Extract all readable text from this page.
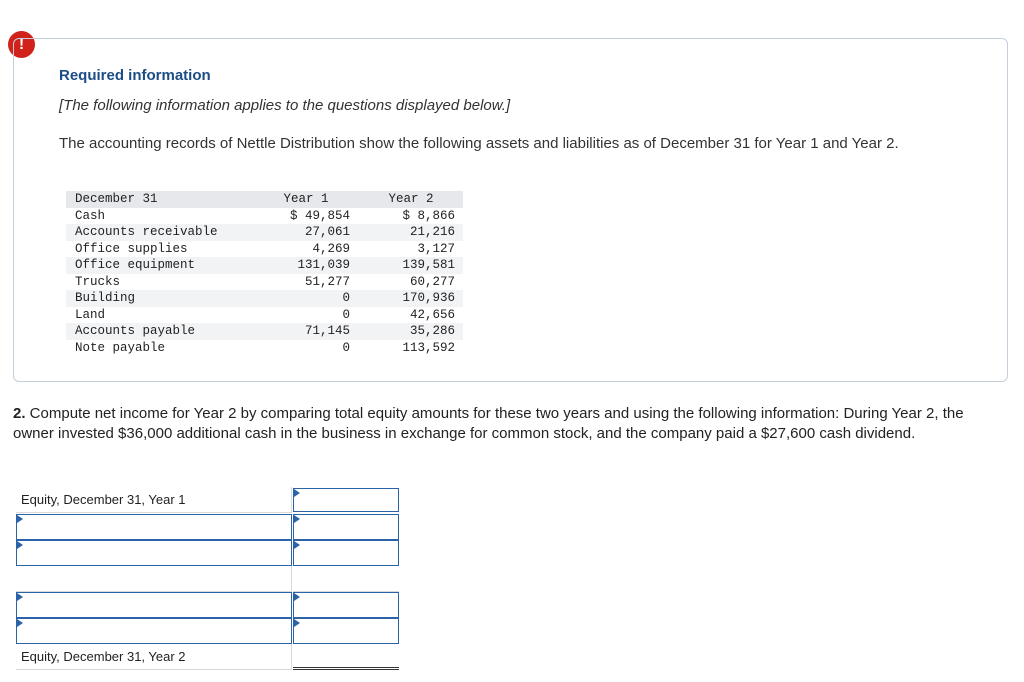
!
Required information
[The following information applies to the questions displayed below.]
The accounting records of Nettle Distribution show the following assets and liabilities as of December 31 for Year 1 and Year 2.
December 31	Year 1	Year 2
Cash	$ 49,854	$ 8,866
Accounts receivable	27,061	21,216
Office supplies	4,269	3,127
Office equipment	131,039	139,581
Trucks	51,277	60,277
Building	0	170,936
Land	0	42,656
Accounts payable	71,145	35,286
Note payable	0	113,592
2. Compute net income for Year 2 by comparing total equity amounts for these two years and using the following information: During Year 2, the owner invested $36,000 additional cash in the business in exchange for common stock, and the company paid a $27,600 cash dividend.
Equity, December 31, Year 1
Equity, December 31, Year 2
